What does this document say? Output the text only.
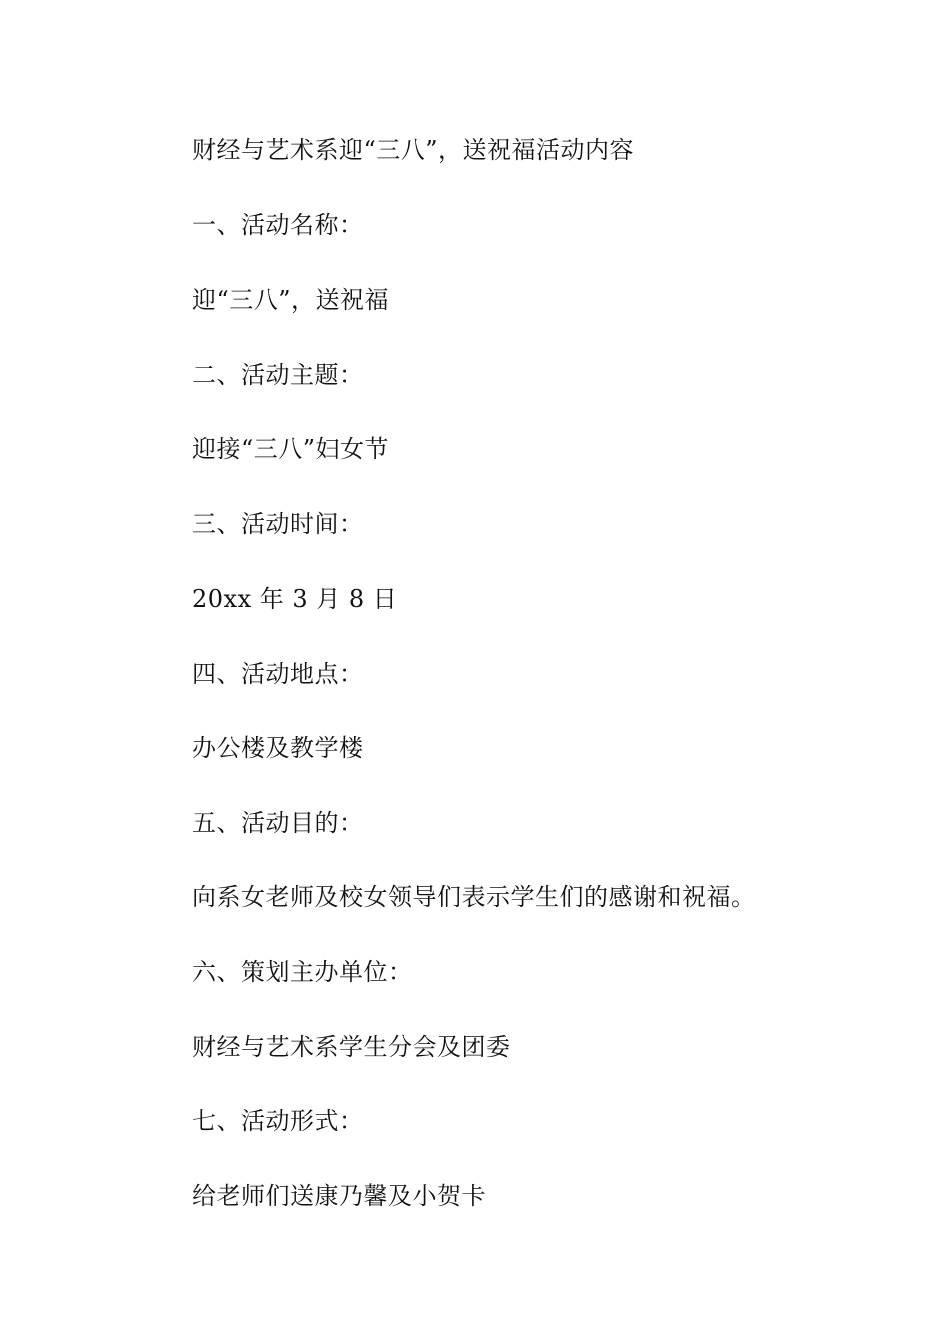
财经与艺术系迎“三八”，送祝福活动内容
一、活动名称：
迎“三八”，送祝福
二、活动主题：
迎接“三八”妇女节
三、活动时间：
20xx 年 3 月 8 日
四、活动地点：
办公楼及教学楼
五、活动目的：
向系女老师及校女领导们表示学生们的感谢和祝福。
六、策划主办单位：
财经与艺术系学生分会及团委
七、活动形式：
给老师们送康乃馨及小贺卡
